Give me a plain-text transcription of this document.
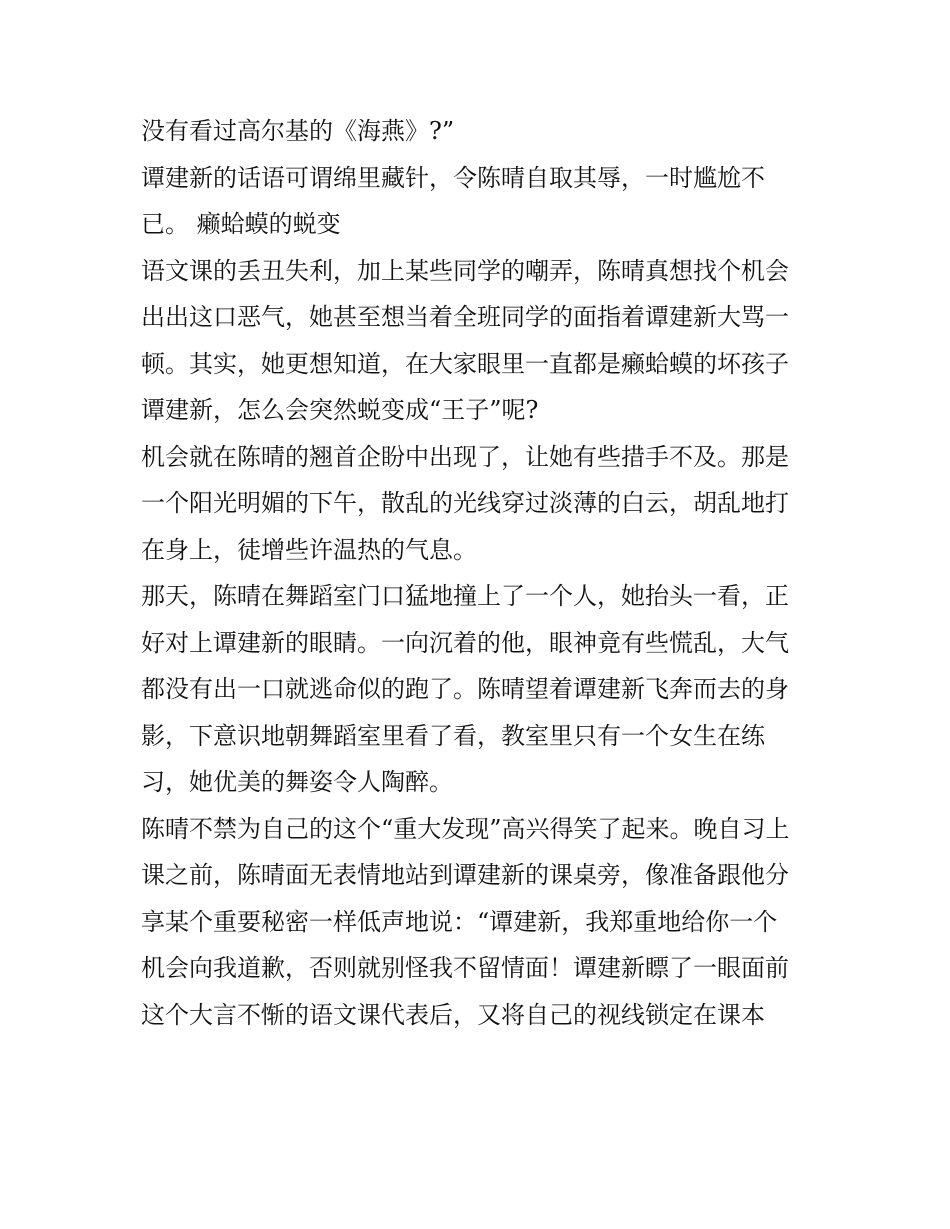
没有看过高尔基的《海燕》?”
谭建新的话语可谓绵里藏针，令陈晴自取其辱，一时尴尬不
已。 癞蛤蟆的蜕变
语文课的丢丑失利，加上某些同学的嘲弄，陈晴真想找个机会
出出这口恶气，她甚至想当着全班同学的面指着谭建新大骂一
顿。其实，她更想知道，在大家眼里一直都是癞蛤蟆的坏孩子
谭建新，怎么会突然蜕变成“王子”呢?
机会就在陈晴的翘首企盼中出现了，让她有些措手不及。那是
一个阳光明媚的下午，散乱的光线穿过淡薄的白云，胡乱地打
在身上，徒增些许温热的气息。
那天，陈晴在舞蹈室门口猛地撞上了一个人，她抬头一看，正
好对上谭建新的眼睛。一向沉着的他，眼神竟有些慌乱，大气
都没有出一口就逃命似的跑了。陈晴望着谭建新飞奔而去的身
影，下意识地朝舞蹈室里看了看，教室里只有一个女生在练
习，她优美的舞姿令人陶醉。
陈晴不禁为自己的这个“重大发现”高兴得笑了起来。晚自习上
课之前，陈晴面无表情地站到谭建新的课桌旁，像准备跟他分
享某个重要秘密一样低声地说：“谭建新，我郑重地给你一个
机会向我道歉，否则就别怪我不留情面！谭建新瞟了一眼面前
这个大言不惭的语文课代表后，又将自己的视线锁定在课本
